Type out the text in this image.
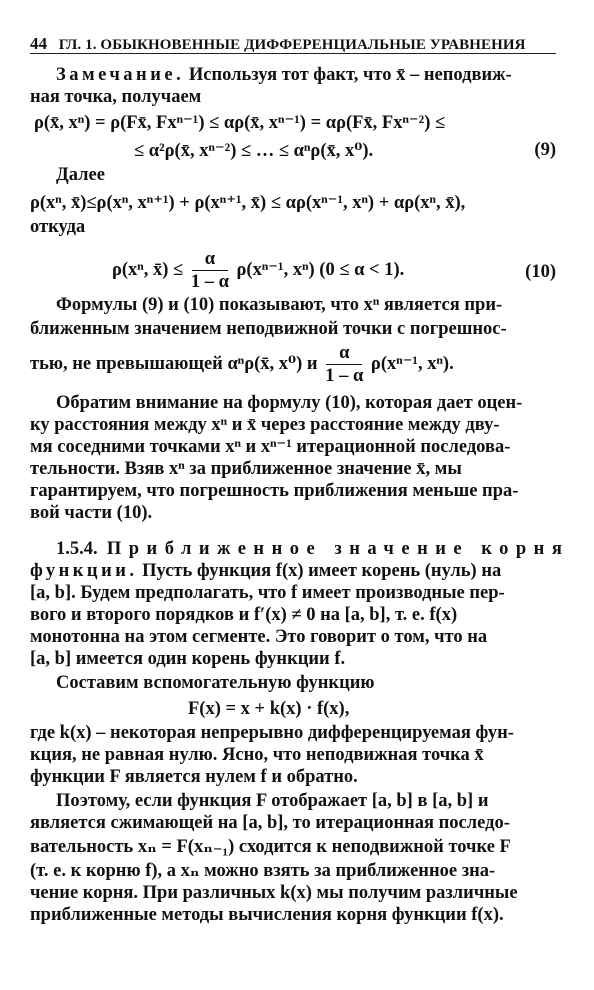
44 ГЛ. 1. ОБЫКНОВЕННЫЕ ДИФФЕРЕНЦИАЛЬНЫЕ УРАВНЕНИЯ
Замечание. Используя тот факт, что x̄ – неподвиж-
ная точка, получаем
ρ(x̄, xⁿ) = ρ(Fx̄, Fxⁿ⁻¹) ≤ αρ(x̄, xⁿ⁻¹) = αρ(Fx̄, Fxⁿ⁻²) ≤
≤ α²ρ(x̄, xⁿ⁻²) ≤ … ≤ αⁿρ(x̄, x⁰).	(9)
Далее
ρ(xⁿ, x̄)≤ρ(xⁿ, xⁿ⁺¹) + ρ(xⁿ⁺¹, x̄) ≤ αρ(xⁿ⁻¹, xⁿ) + αρ(xⁿ, x̄),
откуда
ρ(xⁿ, x̄) ≤ $\frac{\alpha}{1 - \alpha} \rho(x^{n-1}$, xⁿ) (0 ≤ α < 1).	(10)
Формулы (9) и (10) показывают, что xⁿ является при-
ближенным значением неподвижной точки с погрешнос-
тью, не превышающей αⁿρ(x̄, x⁰) и $\frac{\alpha}{1 - \alpha} \rho(x^{n-1}$, xⁿ).
Обратим внимание на формулу (10), которая дает оцен-
ку расстояния между xⁿ и x̄ через расстояние между дву-
мя соседними точками xⁿ и xⁿ⁻¹ итерационной последова-
тельности. Взяв xⁿ за приближенное значение x̄, мы
гарантируем, что погрешность приближения меньше пра-
вой части (10).
1.5.4. Приближенное значение корня
функции. Пусть функция f(x) имеет корень (нуль) на
[a, b]. Будем предполагать, что f имеет производные пер-
вого и второго порядков и f′(x) ≠ 0 на [a, b], т. е. f(x)
монотонна на этом сегменте. Это говорит о том, что на
[a, b] имеется один корень функции f.
Составим вспомогательную функцию
F(x) = x + k(x) · f(x),
где k(x) – некоторая непрерывно дифференцируемая фун-
кция, не равная нулю. Ясно, что неподвижная точка x̄
функции F является нулем f и обратно.
Поэтому, если функция F отображает [a, b] в [a, b] и
является сжимающей на [a, b], то итерационная последо-
вательность xₙ = F(xₙ₋₁) сходится к неподвижной точке F
(т. е. к корню f), а xₙ можно взять за приближенное зна-
чение корня. При различных k(x) мы получим различные
приближенные методы вычисления корня функции f(x).
